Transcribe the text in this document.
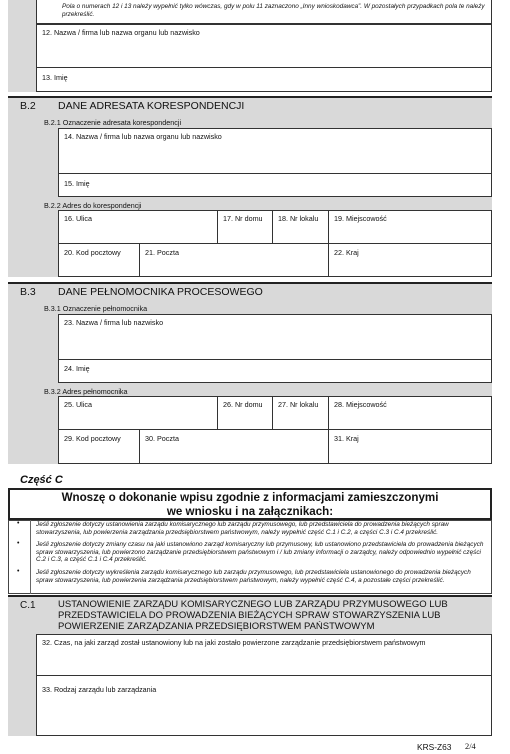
Pola o numerach 12 i 13 należy wypełnić tylko wówczas, gdy w polu 11 zaznaczono „Inny wnioskodawca”. W pozostałych przypadkach pola te należy przekreślić.
12. Nazwa / firma lub nazwa organu lub nazwisko
13. Imię
B.2 DANE ADRESATA KORESPONDENCJI
B.2.1 Oznaczenie adresata korespondencji
14. Nazwa / firma lub nazwa organu lub nazwisko
15. Imię
B.2.2 Adres do korespondencji
16. Ulica	17. Nr domu 18. Nr lokalu 19. Miejscowość
20. Kod pocztowy	21. Poczta	22. Kraj
B.3 DANE PEŁNOMOCNIKA PROCESOWEGO
B.3.1 Oznaczenie pełnomocnika
23. Nazwa / firma lub nazwisko
24. Imię
B.3.2 Adres pełnomocnika
25. Ulica	26. Nr domu 27. Nr lokalu 28. Miejscowość
29. Kod pocztowy	30. Poczta	31. Kraj
Część C
Wnoszę o dokonanie wpisu zgodnie z informacjami zamieszczonymi
we wniosku i na załącznikach:
•	Jeśli zgłoszenie dotyczy ustanowienia zarządu komisarycznego lub zarządu przymusowego, lub przedstawiciela do prowadzenia bieżących spraw stowarzyszenia, lub powierzenia zarządzania przedsiębiorstwem państwowym, należy wypełnić część C.1 i C.2, a części C.3 i C.4 przekreślić.
•	Jeśli zgłoszenie dotyczy zmiany czasu na jaki ustanowiono zarząd komisaryczny lub przymusowy, lub ustanowiono przedstawiciela do prowadzenia bieżących spraw stowarzyszenia, lub powierzono zarządzanie przedsiębiorstwem państwowym i / lub zmiany informacji o zarządcy, należy odpowiednio wypełnić części C.2 i C.3, a część C.1 i C.4 przekreślić.
•	Jeśli zgłoszenie dotyczy wykreślenia zarządu komisarycznego lub zarządu przymusowego, lub przedstawiciela ustanowionego do prowadzenia bieżących spraw stowarzyszenia, lub powierzenia zarządzania przedsiębiorstwem państwowym, należy wypełnić część C.4, a pozostałe części przekreślić.
C.1 USTANOWIENIE ZARZĄDU KOMISARYCZNEGO LUB ZARZĄDU PRZYMUSOWEGO LUB
PRZEDSTAWICIELA DO PROWADZENIA BIEŻĄCYCH SPRAW STOWARZYSZENIA LUB
POWIERZENIE ZARZĄDZANIA PRZEDSIĘBIORSTWEM PAŃSTWOWYM
32. Czas, na jaki zarząd został ustanowiony lub na jaki zostało powierzone zarządzanie przedsiębiorstwem państwowym
33. Rodzaj zarządu lub zarządzania
KRS-Z63 2/4
